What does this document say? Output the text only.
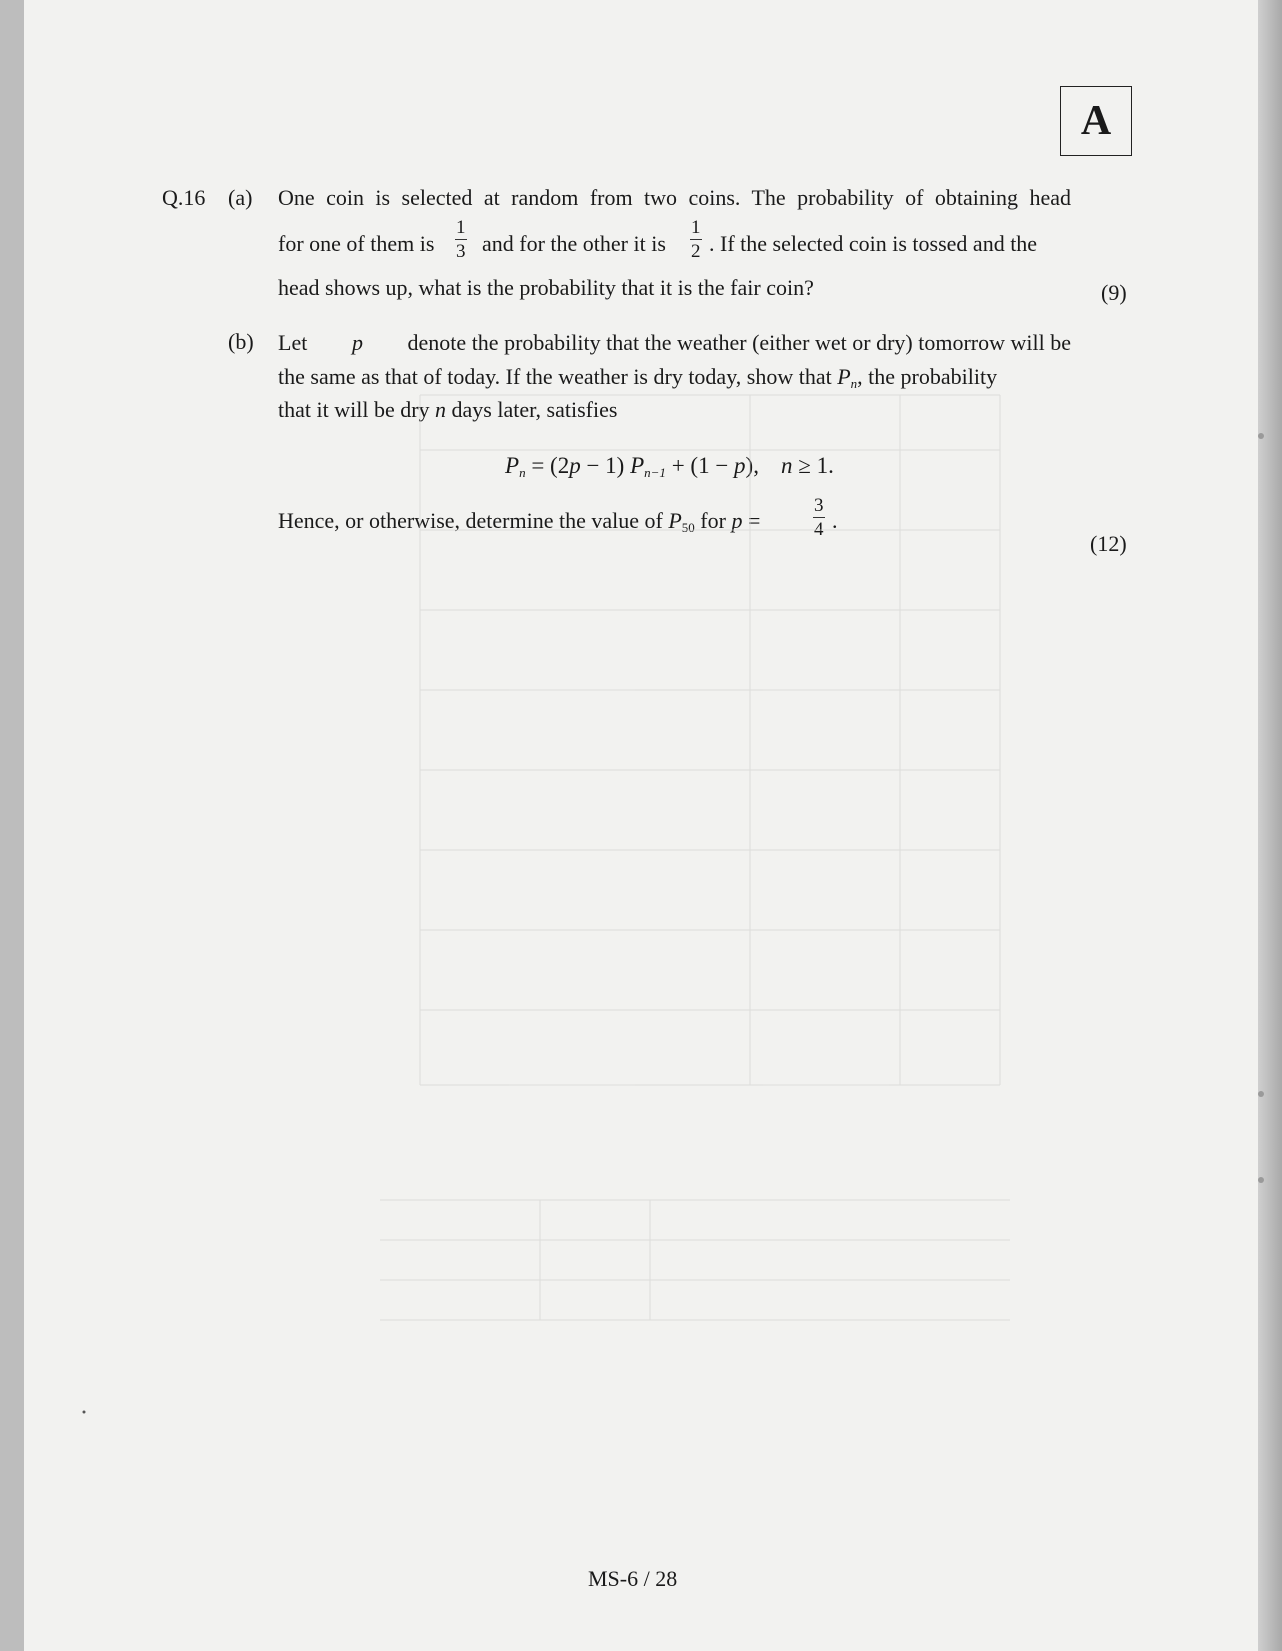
A
Q.16 (a) One coin is selected at random from two coins. The probability of obtaining head
for one of them is $\frac{1}{3}$ and for the other it is $\frac{1}{2}$ . If the selected coin is tossed and the
head shows up, what is the probability that it is the fair coin?	(9)
(b) Let p denote the probability that the weather (either wet or dry) tomorrow will be
the same as that of today. If the weather is dry today, show that $P_n$, the probability
that it will be dry n days later, satisfies
$P_n = (2p - 1) P_{n-1} + (1 - p)$, n ≥ 1.
Hence, or otherwise, determine the value of $P_{50}$ for p =	$\frac{3}{4}$ .
(12)
MS-6 / 28
